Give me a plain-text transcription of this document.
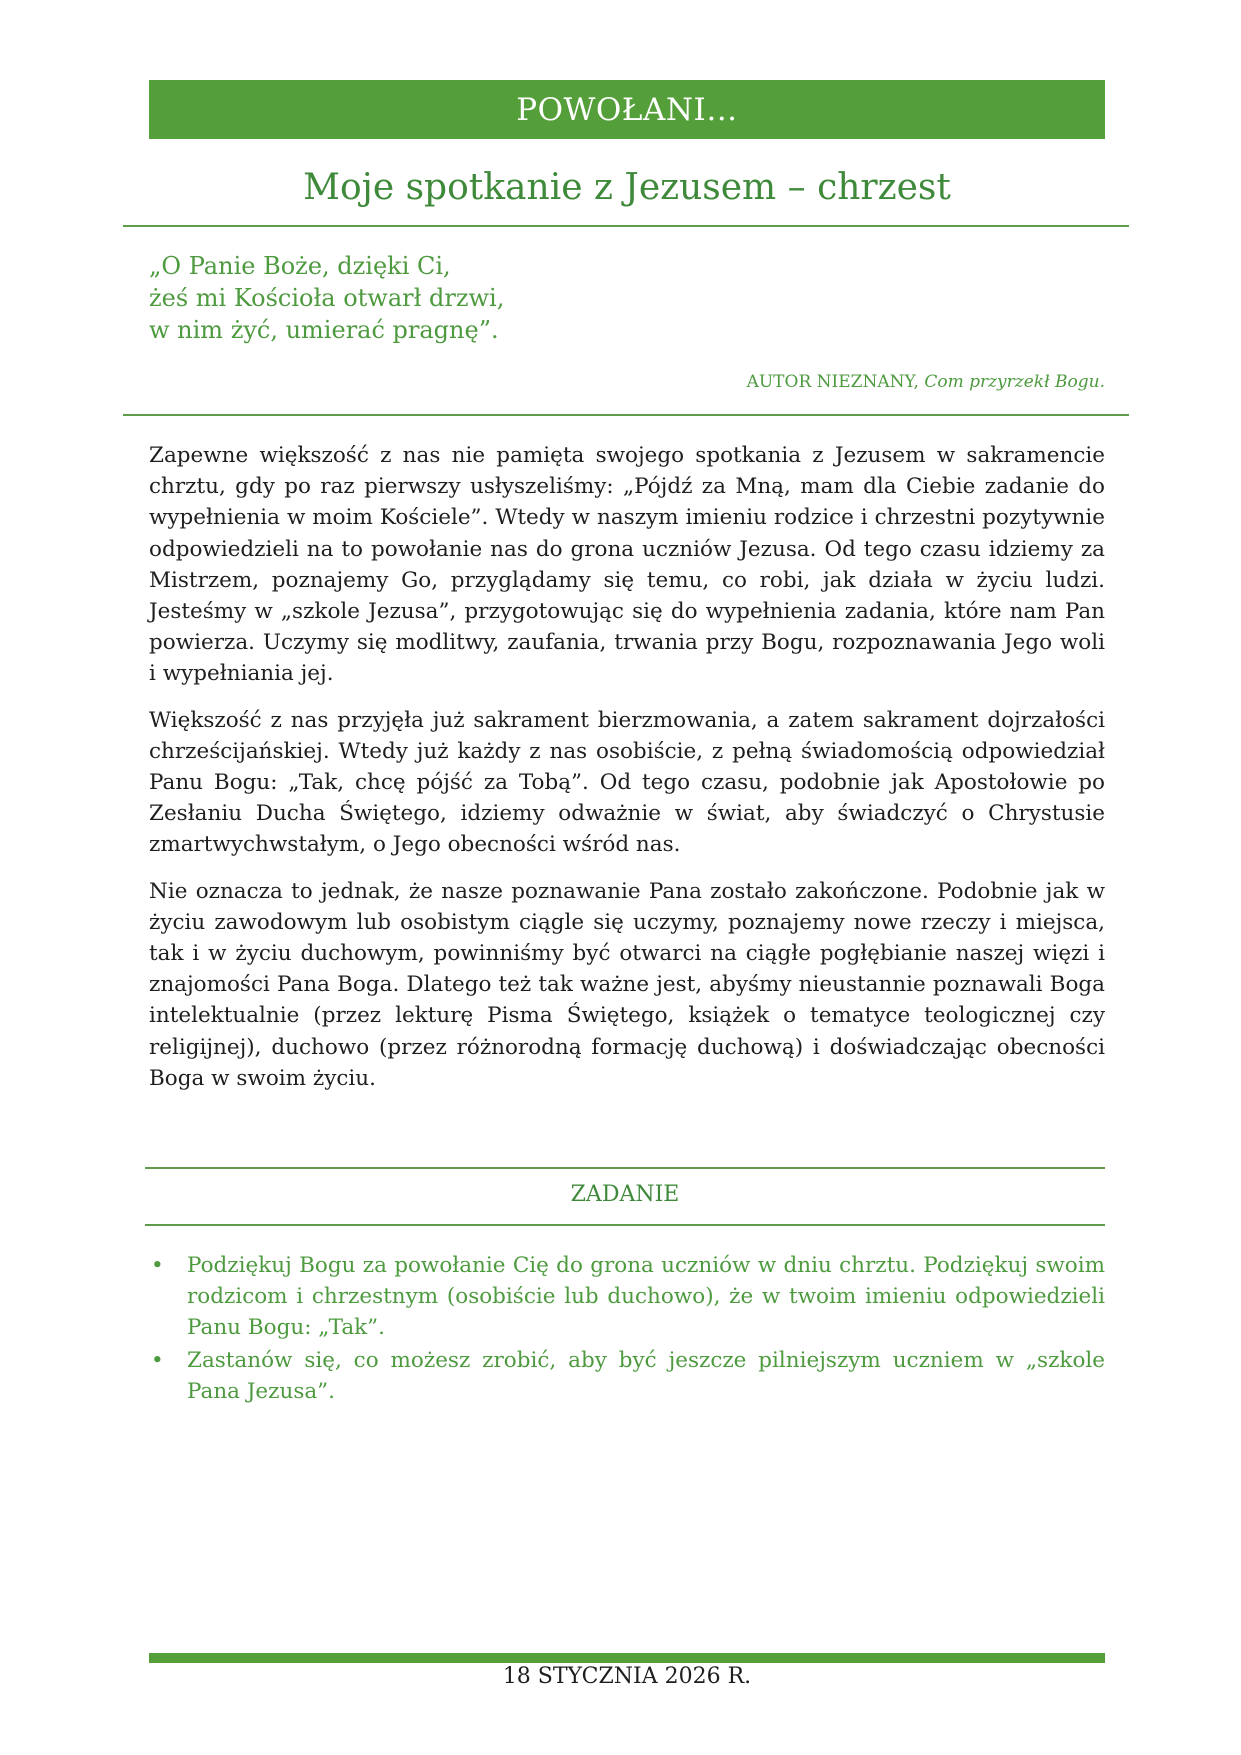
POWOŁANI…
Moje spotkanie z Jezusem – chrzest
„O Panie Boże, dzięki Ci,
żeś mi Kościoła otwarł drzwi,
w nim żyć, umierać pragnę”.
AUTOR NIEZNANY, Com przyrzekł Bogu.

Zapewne większość z nas nie pamięta swojego spotkania z Jezusem w sakramencie chrztu, gdy po raz pierwszy usłyszeliśmy: „Pójdź za Mną, mam dla Ciebie zadanie do wypełnienia w moim Kościele”. Wtedy w naszym imieniu rodzice i chrzestni pozytywnie odpowiedzieli na to powołanie nas do grona uczniów Jezusa. Od tego czasu idziemy za Mistrzem, poznajemy Go, przyglądamy się temu, co robi, jak działa w życiu ludzi. Jesteśmy w „szkole Jezusa”, przygotowując się do wypełnienia zadania, które nam Pan powierza. Uczymy się modlitwy, zaufania, trwania przy Bogu, rozpoznawania Jego woli i wypełniania jej.

Większość z nas przyjęła już sakrament bierzmowania, a zatem sakrament dojrzałości chrześcijańskiej. Wtedy już każdy z nas osobiście, z pełną świadomością odpowiedział Panu Bogu: „Tak, chcę pójść za Tobą”. Od tego czasu, podobnie jak Apostołowie po Zesłaniu Ducha Świętego, idziemy odważnie w świat, aby świadczyć o Chrystusie zmartwychwstałym, o Jego obecności wśród nas.

Nie oznacza to jednak, że nasze poznawanie Pana zostało zakończone. Podobnie jak w życiu zawodowym lub osobistym ciągle się uczymy, poznajemy nowe rzeczy i miejsca, tak i w życiu duchowym, powinniśmy być otwarci na ciągłe pogłębianie naszej więzi i znajomości Pana Boga. Dlatego też tak ważne jest, abyśmy nieustannie poznawali Boga intelektualnie (przez lekturę Pisma Świętego, książek o tematyce teologicznej czy religijnej), duchowo (przez różnorodną formację duchową) i doświadczając obecności Boga w swoim życiu.

ZADANIE
• Podziękuj Bogu za powołanie Cię do grona uczniów w dniu chrztu. Podziękuj swoim rodzicom i chrzestnym (osobiście lub duchowo), że w twoim imieniu odpowiedzieli Panu Bogu: „Tak”.
• Zastanów się, co możesz zrobić, aby być jeszcze pilniejszym uczniem w „szkole Pana Jezusa”.
18 STYCZNIA 2026 R.
